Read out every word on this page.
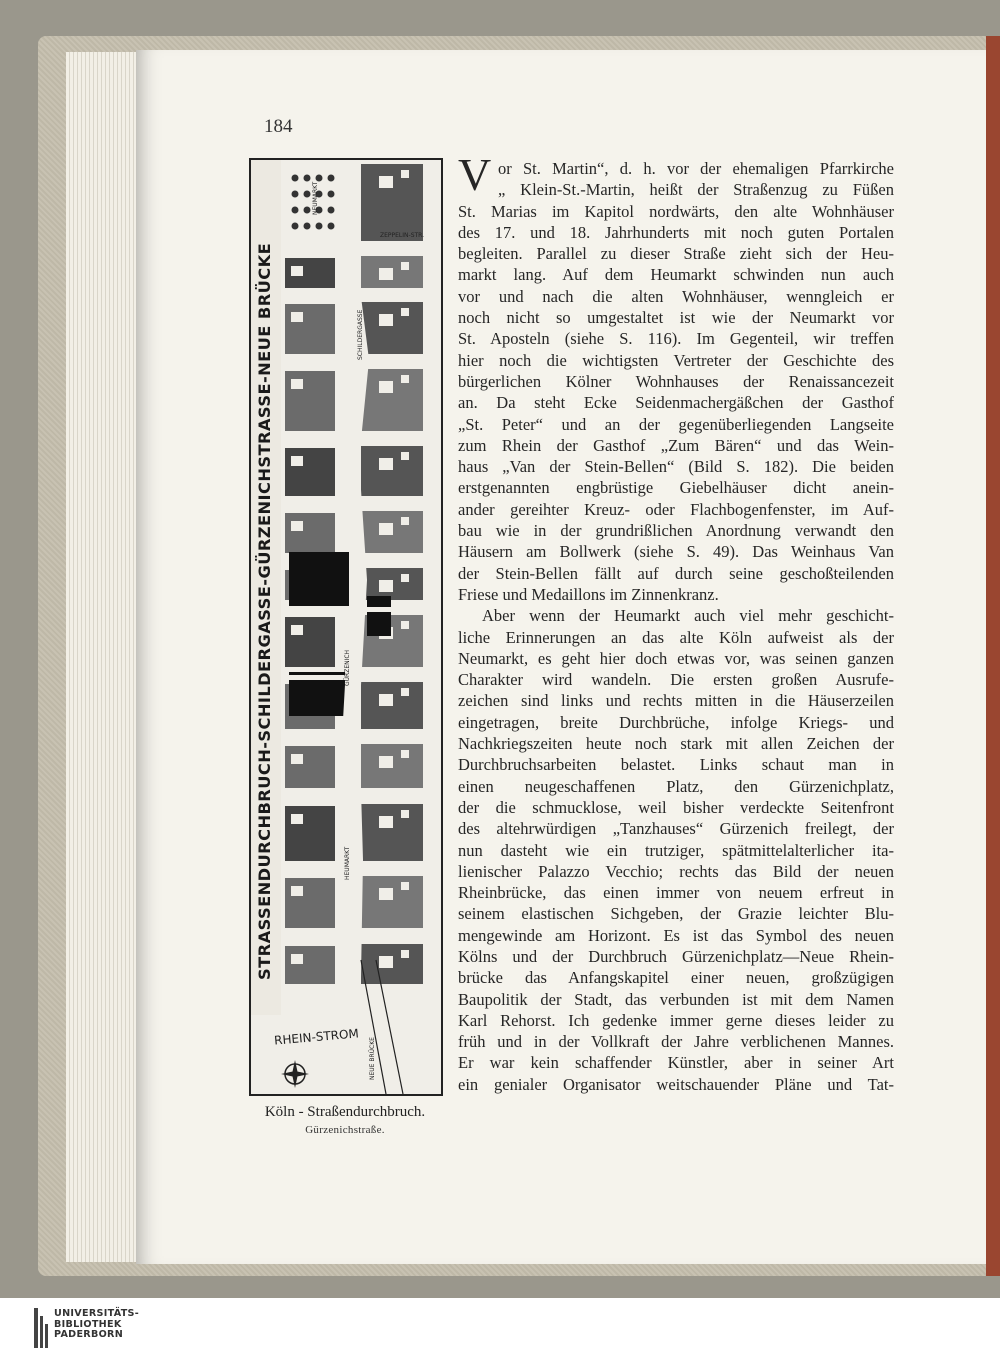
184
STRASSENDURCHBRUCH-SCHILDERGASSE-GÜRZENICHSTRASSE-NEUE BRÜCKE
RHEIN-STROM
NEUMARKT
ZEPPELIN-STR.
SCHILDERGASSE
HEUMARKT
GÜRZENICH
NEUE BRÜCKE
Köln - Straßendurchbruch.
Gürzenichstraße.
V or St. Martin“, d. h. vor der ehemaligen Pfarrkirche
„ Klein-St.-Martin, heißt der Straßenzug zu Füßen
St. Marias im Kapitol nordwärts, den alte Wohnhäuser
des 17. und 18. Jahrhunderts mit noch guten Portalen
begleiten. Parallel zu dieser Straße zieht sich der Heu-
markt lang. Auf dem Heumarkt schwinden nun auch
vor und nach die alten Wohnhäuser, wenngleich er
noch nicht so umgestaltet ist wie der Neumarkt vor
St. Aposteln (siehe S. 116). Im Gegenteil, wir treffen
hier noch die wichtigsten Vertreter der Geschichte des
bürgerlichen Kölner Wohnhauses der Renaissancezeit
an. Da steht Ecke Seidenmachergäßchen der Gasthof
„St. Peter“ und an der gegenüberliegenden Langseite
zum Rhein der Gasthof „Zum Bären“ und das Wein-
haus „Van der Stein-Bellen“ (Bild S. 182). Die beiden
erstgenannten engbrüstige Giebelhäuser dicht anein-
ander gereihter Kreuz- oder Flachbogenfenster, im Auf-
bau wie in der grundrißlichen Anordnung verwandt den
Häusern am Bollwerk (siehe S. 49). Das Weinhaus Van
der Stein-Bellen fällt auf durch seine geschoßteilenden
Friese und Medaillons im Zinnenkranz.
Aber wenn der Heumarkt auch viel mehr geschicht-
liche Erinnerungen an das alte Köln aufweist als der
Neumarkt, es geht hier doch etwas vor, was seinen ganzen
Charakter wird wandeln. Die ersten großen Ausrufe-
zeichen sind links und rechts mitten in die Häuserzeilen
eingetragen, breite Durchbrüche, infolge Kriegs- und
Nachkriegszeiten heute noch stark mit allen Zeichen der
Durchbruchsarbeiten belastet. Links schaut man in
einen neugeschaffenen Platz, den Gürzenichplatz,
der die schmucklose, weil bisher verdeckte Seitenfront
des altehrwürdigen „Tanzhauses“ Gürzenich freilegt, der
nun dasteht wie ein trutziger, spätmittelalterlicher ita-
lienischer Palazzo Vecchio; rechts das Bild der neuen
Rheinbrücke, das einen immer von neuem erfreut in
seinem elastischen Sichgeben, der Grazie leichter Blu-
mengewinde am Horizont. Es ist das Symbol des neuen
Kölns und der Durchbruch Gürzenichplatz—Neue Rhein-
brücke das Anfangskapitel einer neuen, großzügigen
Baupolitik der Stadt, das verbunden ist mit dem Namen
Karl Rehorst. Ich gedenke immer gerne dieses leider zu
früh und in der Vollkraft der Jahre verblichenen Mannes.
Er war kein schaffender Künstler, aber in seiner Art
ein genialer Organisator weitschauender Pläne und Tat-
UNIVERSITÄTS-
BIBLIOTHEK
PADERBORN
